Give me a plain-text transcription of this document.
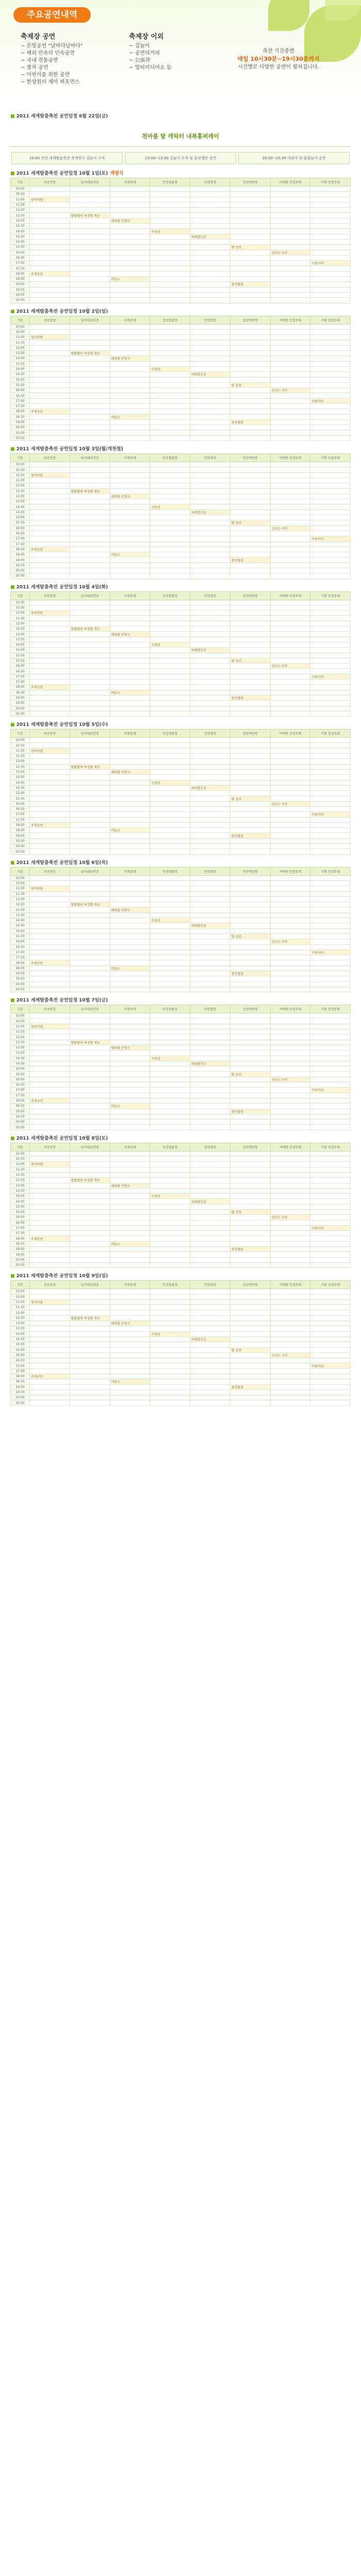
주요공연내역
축제장 공연
~ 은빛공연 "날마다날마다"
~ 해외 민속의 민속공연
~ 국내 전통공연
~ 창작 공연
~ 어린이를 위한 공연
~ 한상원의 재미 퍼포먼스
축제장 이외
~ 길놀이
~ 공연의거리
~ 公演과
~ 멀티미디어쇼 등
축전 기간중엔
매일 10시30분~19시30분까지
시간별로 다양한 공연이 펼쳐집니다.
■ 2011 세계탈춤축전 공연일정 6월 22일(금)
천마를 탈 캐릭터 내복홍퍼레이
10:00 전선 세계탈춤축전 축제전국 길놀이 시작	13:00~15:00 길놀이 도착 및 홍보행진 공연	20:00~20:30 야외가 및 불꽃놀이 공연
■ 2011 세계탈춤축전 공연일정 10월 1일(토) 개장식
기본	주공연장	남서대공연장	서천문대	인진청광장	민연광장	인선박문방	여에연 인정무대	기획 인정무대
10:00								
10:30								
11:00	창작마당							
11:30								
12:00								
12:30		탈탈탈의 특정별 재공						
13:00			해외탈 인형극					
13:30								
14:00				수원권				
14:30					하회별신굿			
15:00								
15:30						탈 공연		
16:00							신나는 국악	
16:30								
17:00								구름다리
17:30								
18:00	주제공연							
18:30			버들소					
19:00						봉산탈춤		
19:30								
20:00								
20:30								
■ 2011 세계탈춤축전 공연일정 10월 2일(일)
기본	주공연장	남서대공연장	서천문대	인진청광장	민연광장	인선박문방	여에연 인정무대	기획 인정무대
10:00								
10:30								
11:00	창작마당							
11:30								
12:00								
12:30		탈탈탈의 특정별 재공						
13:00			해외탈 인형극					
13:30								
14:00				수원권				
14:30					하회별신굿			
15:00								
15:30						탈 공연		
16:00							신나는 국악	
16:30								
17:00								구름다리
17:30								
18:00	주제공연							
18:30			버들소					
19:00						봉산탈춤		
19:30								
20:00								
20:30								
■ 2011 세계탈춤축전 공연일정 10월 3일(월/개천절)
기본	주공연장	남서대공연장	서천문대	인진청광장	민연광장	인선박문방	여에연 인정무대	기획 인정무대
10:00								
10:30								
11:00	창작마당							
11:30								
12:00								
12:30		탈탈탈의 특정별 재공						
13:00			해외탈 인형극					
13:30								
14:00				수원권				
14:30					하회별신굿			
15:00								
15:30						탈 공연		
16:00							신나는 국악	
16:30								
17:00								구름다리
17:30								
18:00	주제공연							
18:30			버들소					
19:00						봉산탈춤		
19:30								
20:00								
20:30								
■ 2011 세계탈춤축전 공연일정 10월 4일(화)
기본	주공연장	남서대공연장	서천문대	인진청광장	민연광장	인선박문방	여에연 인정무대	기획 인정무대
10:00								
10:30								
11:00	창작마당							
11:30								
12:00								
12:30		탈탈탈의 특정별 재공						
13:00			해외탈 인형극					
13:30								
14:00				수원권				
14:30					하회별신굿			
15:00								
15:30						탈 공연		
16:00							신나는 국악	
16:30								
17:00								구름다리
17:30								
18:00	주제공연							
18:30			버들소					
19:00						봉산탈춤		
19:30								
20:00								
20:30								
■ 2011 세계탈춤축전 공연일정 10월 5일(수)
기본	주공연장	남서대공연장	서천문대	인진청광장	민연광장	인선박문방	여에연 인정무대	기획 인정무대
10:00								
10:30								
11:00	창작마당							
11:30								
12:00								
12:30		탈탈탈의 특정별 재공						
13:00			해외탈 인형극					
13:30								
14:00				수원권				
14:30					하회별신굿			
15:00								
15:30						탈 공연		
16:00							신나는 국악	
16:30								
17:00								구름다리
17:30								
18:00	주제공연							
18:30			버들소					
19:00						봉산탈춤		
19:30								
20:00								
20:30								
■ 2011 세계탈춤축전 공연일정 10월 6일(목)
기본	주공연장	남서대공연장	서천문대	인진청광장	민연광장	인선박문방	여에연 인정무대	기획 인정무대
10:00								
10:30								
11:00	창작마당							
11:30								
12:00								
12:30		탈탈탈의 특정별 재공						
13:00			해외탈 인형극					
13:30								
14:00				수원권				
14:30					하회별신굿			
15:00								
15:30						탈 공연		
16:00							신나는 국악	
16:30								
17:00								구름다리
17:30								
18:00	주제공연							
18:30			버들소					
19:00						봉산탈춤		
19:30								
20:00								
20:30								
■ 2011 세계탈춤축전 공연일정 10월 7일(금)
기본	주공연장	남서대공연장	서천문대	인진청광장	민연광장	인선박문방	여에연 인정무대	기획 인정무대
10:00								
10:30								
11:00	창작마당							
11:30								
12:00								
12:30		탈탈탈의 특정별 재공						
13:00			해외탈 인형극					
13:30								
14:00				수원권				
14:30					하회별신굿			
15:00								
15:30						탈 공연		
16:00							신나는 국악	
16:30								
17:00								구름다리
17:30								
18:00	주제공연							
18:30			버들소					
19:00						봉산탈춤		
19:30								
20:00								
20:30								
■ 2011 세계탈춤축전 공연일정 10월 8일(토)
기본	주공연장	남서대공연장	서천문대	인진청광장	민연광장	인선박문방	여에연 인정무대	기획 인정무대
10:00								
10:30								
11:00	창작마당							
11:30								
12:00								
12:30		탈탈탈의 특정별 재공						
13:00			해외탈 인형극					
13:30								
14:00				수원권				
14:30					하회별신굿			
15:00								
15:30						탈 공연		
16:00							신나는 국악	
16:30								
17:00								구름다리
17:30								
18:00	주제공연							
18:30			버들소					
19:00						봉산탈춤		
19:30								
20:00								
20:30								
■ 2011 세계탈춤축전 공연일정 10월 9일(일)
기본	주공연장	남서대공연장	서천문대	인진청광장	민연광장	인선박문방	여에연 인정무대	기획 인정무대
10:00								
10:30								
11:00	창작마당							
11:30								
12:00								
12:30		탈탈탈의 특정별 재공						
13:00			해외탈 인형극					
13:30								
14:00				수원권				
14:30					하회별신굿			
15:00								
15:30						탈 공연		
16:00							신나는 국악	
16:30								
17:00								구름다리
17:30								
18:00	주제공연							
18:30			버들소					
19:00						봉산탈춤		
19:30								
20:00								
20:30								
